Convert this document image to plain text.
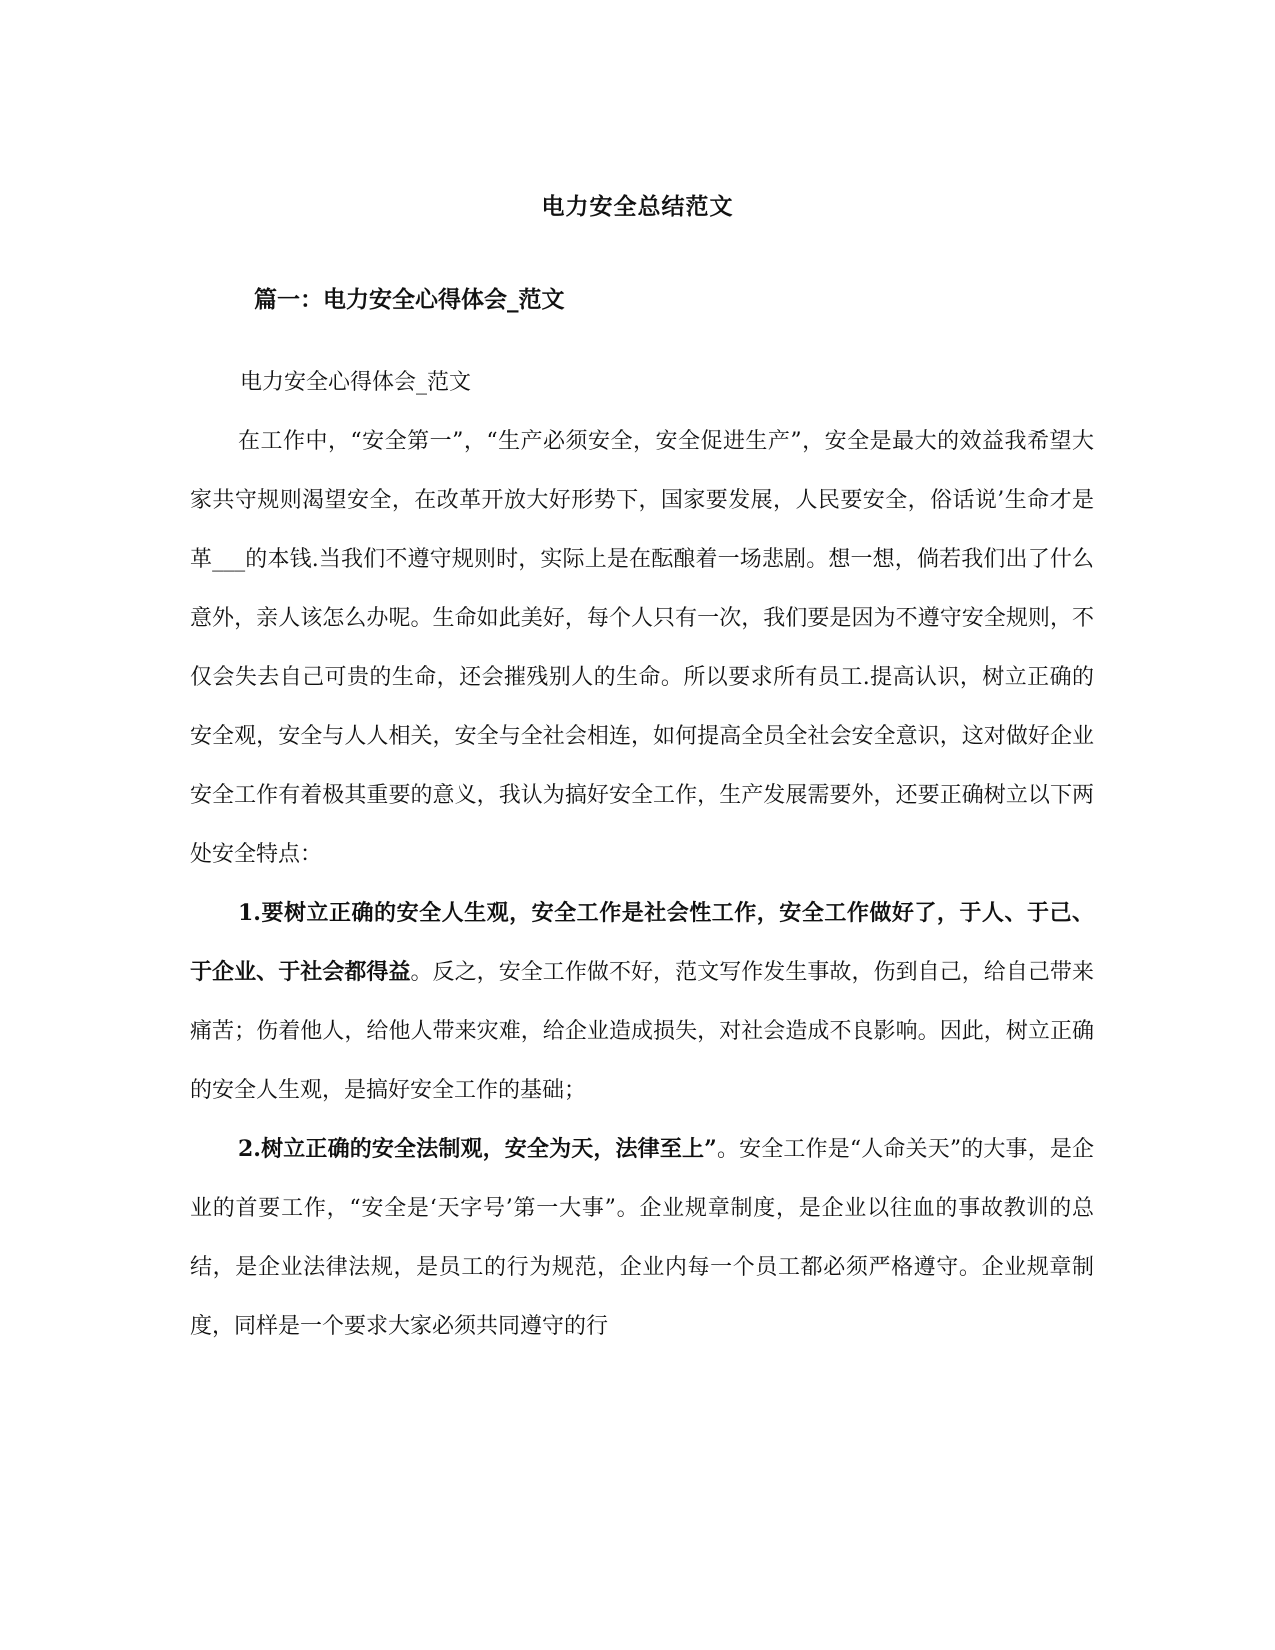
电力安全总结范文
篇一：电力安全心得体会_范文

电力安全心得体会_范文

在工作中，“安全第一”，“生产必须安全，安全促进生产”，安全是最大的效益我希望大家共守规则渴望安全，在改革开放大好形势下，国家要发展，人民要安全，俗话说’生命才是革___的本钱.当我们不遵守规则时，实际上是在酝酿着一场悲剧。想一想，倘若我们出了什么意外，亲人该怎么办呢。生命如此美好，每个人只有一次，我们要是因为不遵守安全规则，不仅会失去自己可贵的生命，还会摧残别人的生命。所以要求所有员工.提高认识，树立正确的安全观，安全与人人相关，安全与全社会相连，如何提高全员全社会安全意识，这对做好企业安全工作有着极其重要的意义，我认为搞好安全工作，生产发展需要外，还要正确树立以下两处安全特点：

1.要树立正确的安全人生观，安全工作是社会性工作，安全工作做好了，于人、于己、于企业、于社会都得益。反之，安全工作做不好，范文写作发生事故，伤到自己，给自己带来痛苦；伤着他人，给他人带来灾难，给企业造成损失，对社会造成不良影响。因此，树立正确的安全人生观，是搞好安全工作的基础；

2.树立正确的安全法制观，安全为天，法律至上”。安全工作是“人命关天”的大事，是企业的首要工作，“安全是‘天字号’第一大事”。企业规章制度，是企业以往血的事故教训的总结，是企业法律法规，是员工的行为规范，企业内每一个员工都必须严格遵守。企业规章制度，同样是一个要求大家必须共同遵守的行
